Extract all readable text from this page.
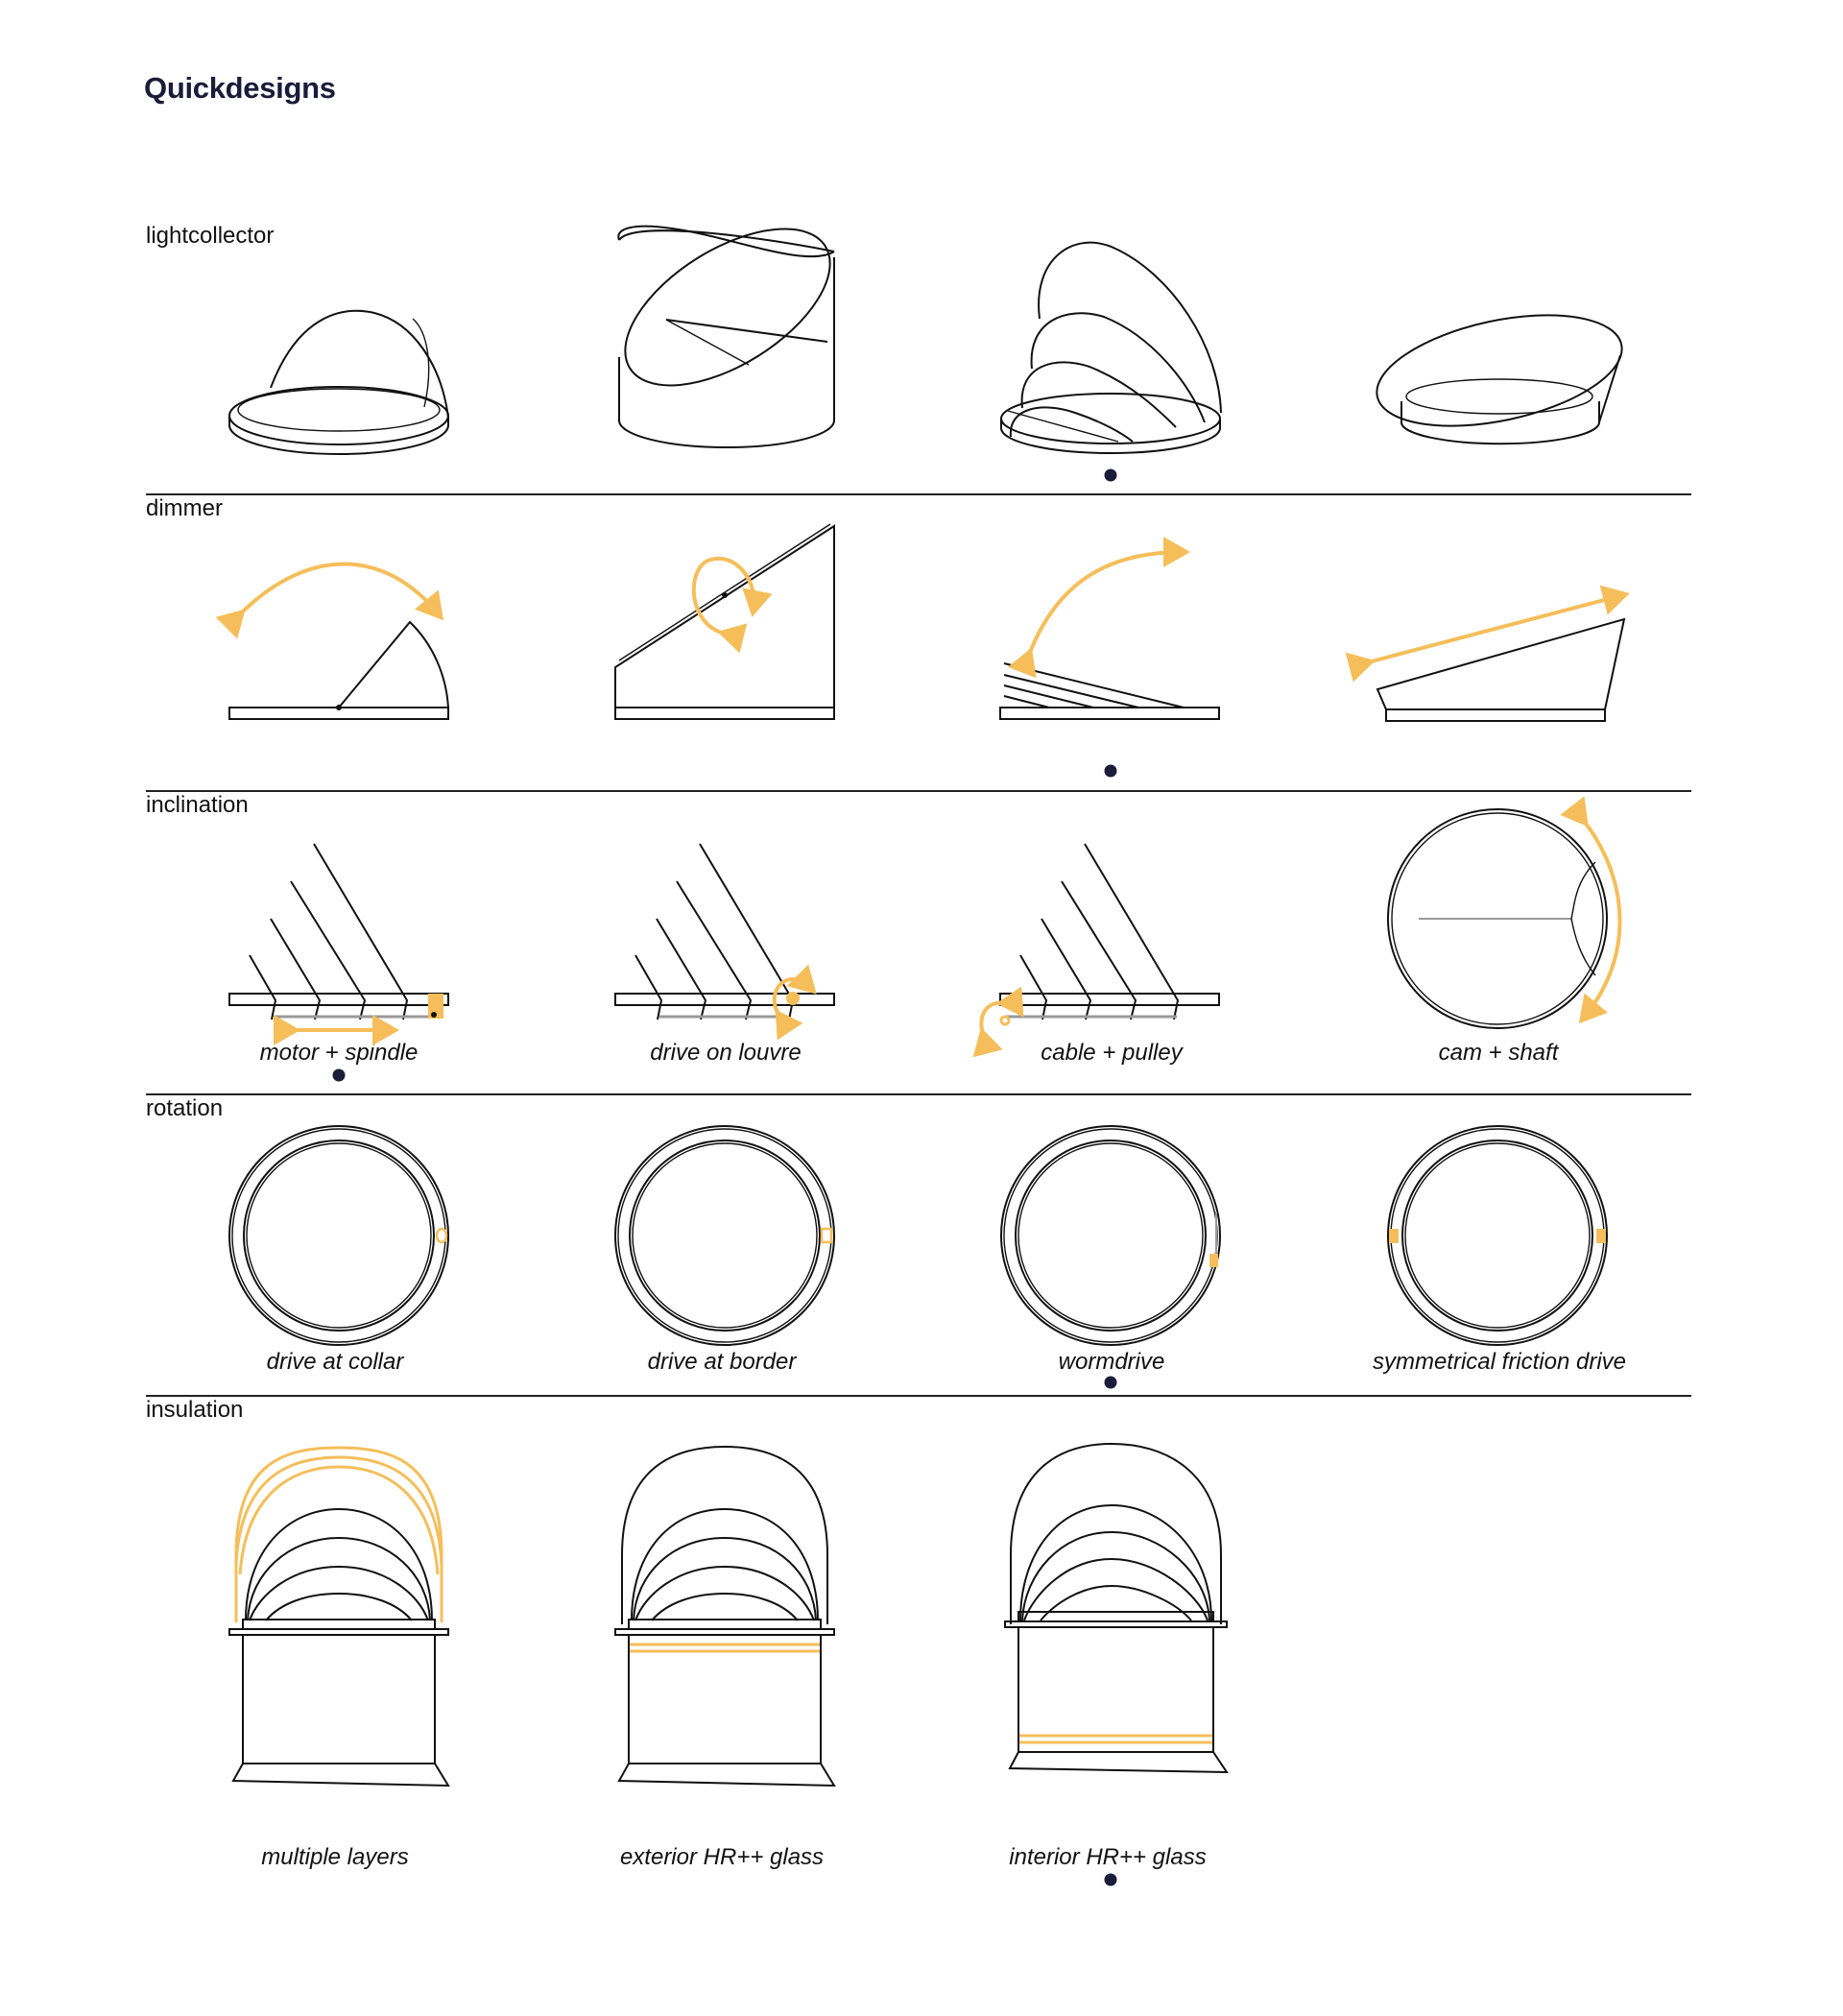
Quickdesigns
lightcollector
dimmer
inclination
rotation
insulation
motor + spindle	drive on louvre	cable + pulley	cam + shaft
drive at collar	drive at border	wormdrive	symmetrical friction drive
multiple layers	exterior HR++ glass	interior HR++ glass
